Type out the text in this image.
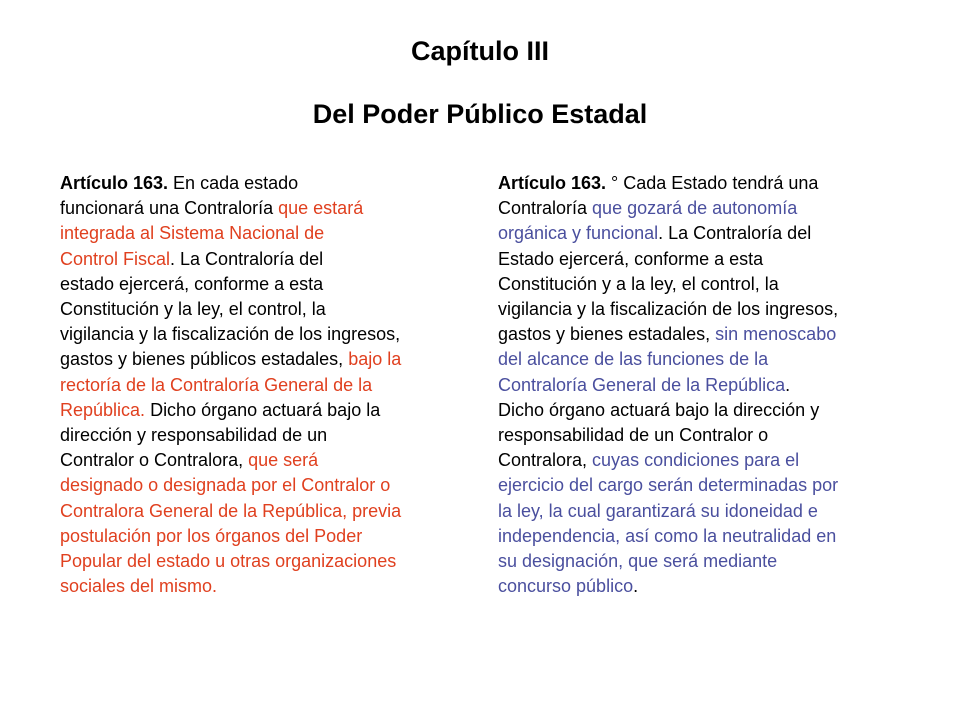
Capítulo III
Del Poder Público Estadal
Artículo 163. En cada estado
funcionará una Contraloría que estará
integrada al Sistema Nacional de
Control Fiscal. La Contraloría del
estado ejercerá, conforme a esta
Constitución y la ley, el control, la
vigilancia y la fiscalización de los ingresos,
gastos y bienes públicos estadales, bajo la
rectoría de la Contraloría General de la
República. Dicho órgano actuará bajo la
dirección y responsabilidad de un
Contralor o Contralora, que será
designado o designada por el Contralor o
Contralora General de la República, previa
postulación por los órganos del Poder
Popular del estado u otras organizaciones
sociales del mismo.
Artículo 163. ° Cada Estado tendrá una
Contraloría que gozará de autonomía
orgánica y funcional. La Contraloría del
Estado ejercerá, conforme a esta
Constitución y a la ley, el control, la
vigilancia y la fiscalización de los ingresos,
gastos y bienes estadales, sin menoscabo
del alcance de las funciones de la
Contraloría General de la República.
Dicho órgano actuará bajo la dirección y
responsabilidad de un Contralor o
Contralora, cuyas condiciones para el
ejercicio del cargo serán determinadas por
la ley, la cual garantizará su idoneidad e
independencia, así como la neutralidad en
su designación, que será mediante
concurso público.
